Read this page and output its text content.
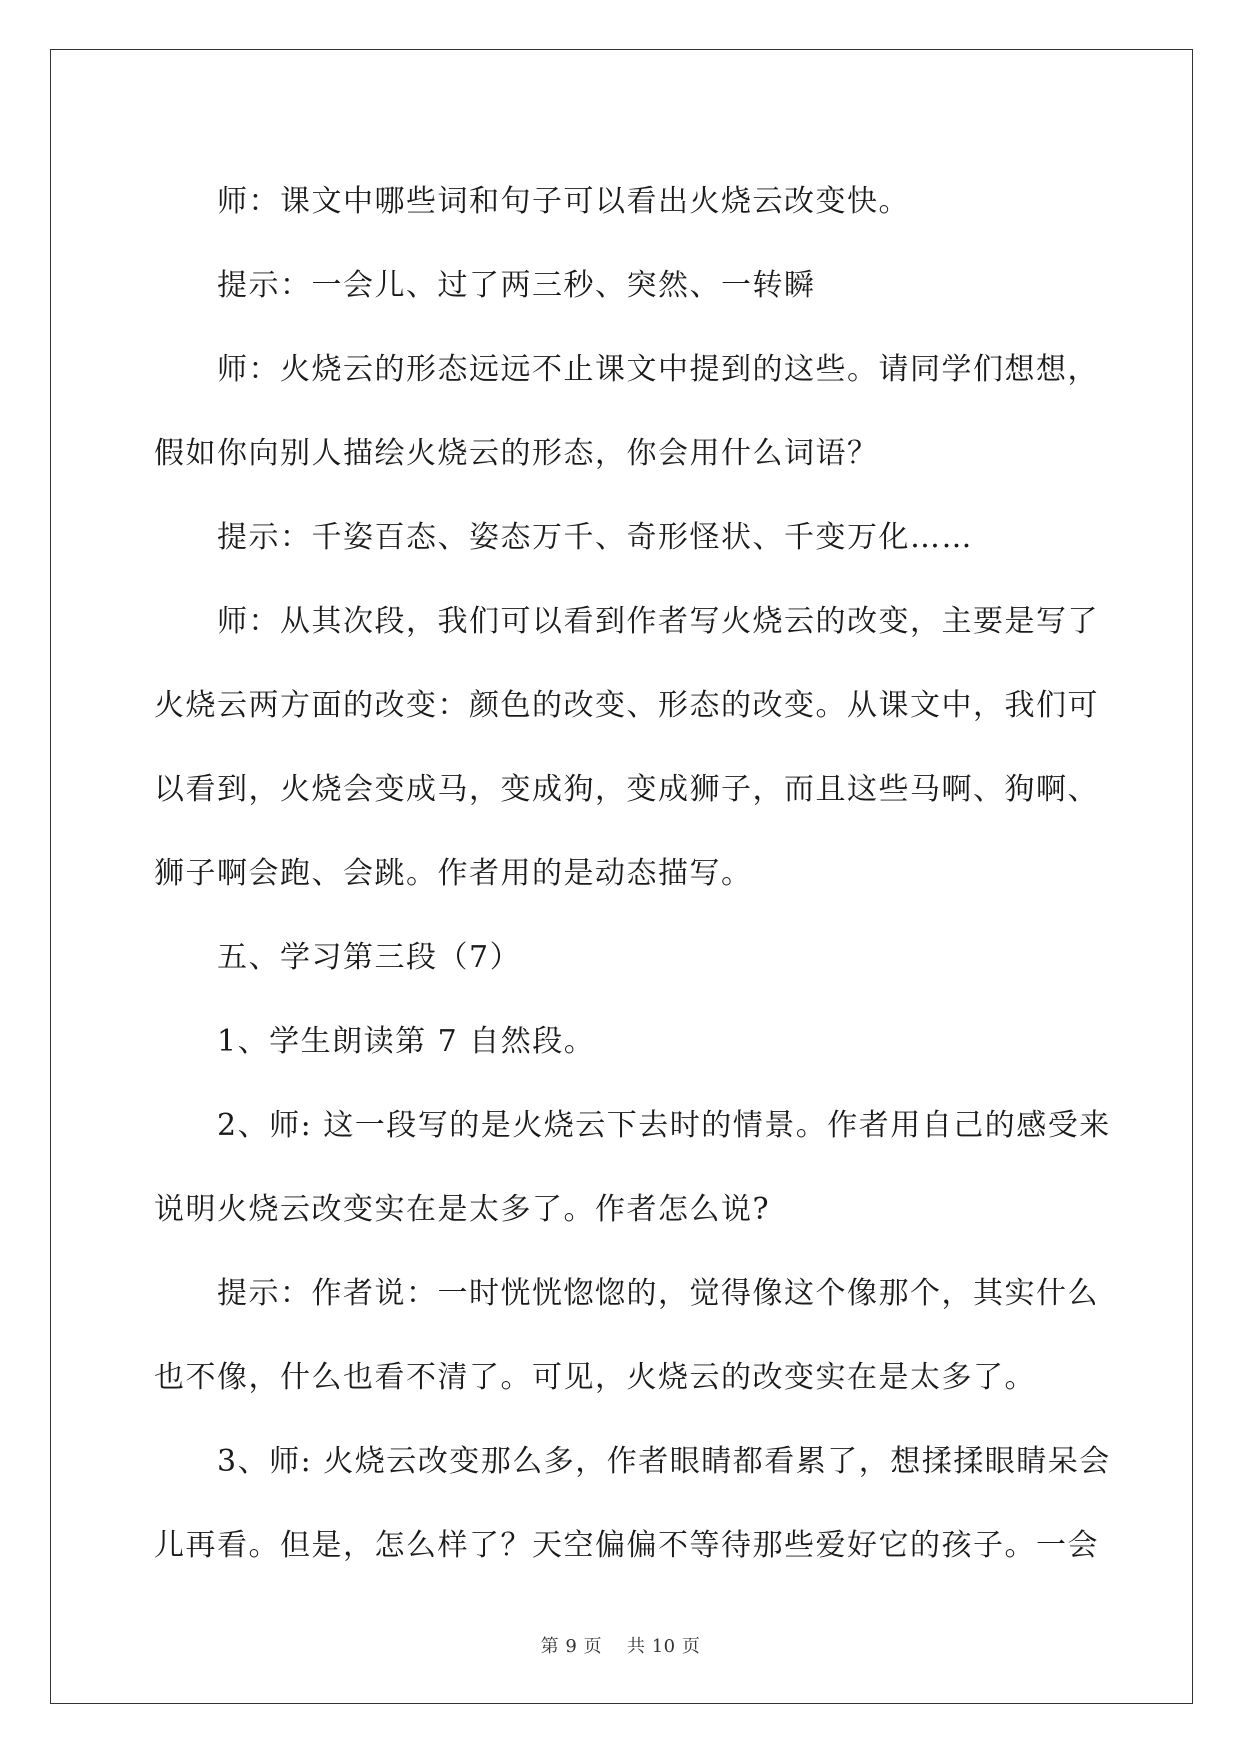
师：课文中哪些词和句子可以看出火烧云改变快。

提示：一会儿、过了两三秒、突然、一转瞬

师：火烧云的形态远远不止课文中提到的这些。请同学们想想，

假如你向别人描绘火烧云的形态，你会用什么词语？

提示：千姿百态、姿态万千、奇形怪状、千变万化……

师：从其次段，我们可以看到作者写火烧云的改变，主要是写了

火烧云两方面的改变：颜色的改变、形态的改变。从课文中，我们可

以看到，火烧会变成马，变成狗，变成狮子，而且这些马啊、狗啊、

狮子啊会跑、会跳。作者用的是动态描写。

五、学习第三段（7）

1、学生朗读第 7 自然段。

2、师: 这一段写的是火烧云下去时的情景。作者用自己的感受来

说明火烧云改变实在是太多了。作者怎么说?

提示：作者说：一时恍恍惚惚的，觉得像这个像那个，其实什么

也不像，什么也看不清了。可见，火烧云的改变实在是太多了。

3、师: 火烧云改变那么多，作者眼睛都看累了，想揉揉眼睛呆会

儿再看。但是，怎么样了？天空偏偏不等待那些爱好它的孩子。一会

第 9 页 共 10 页
